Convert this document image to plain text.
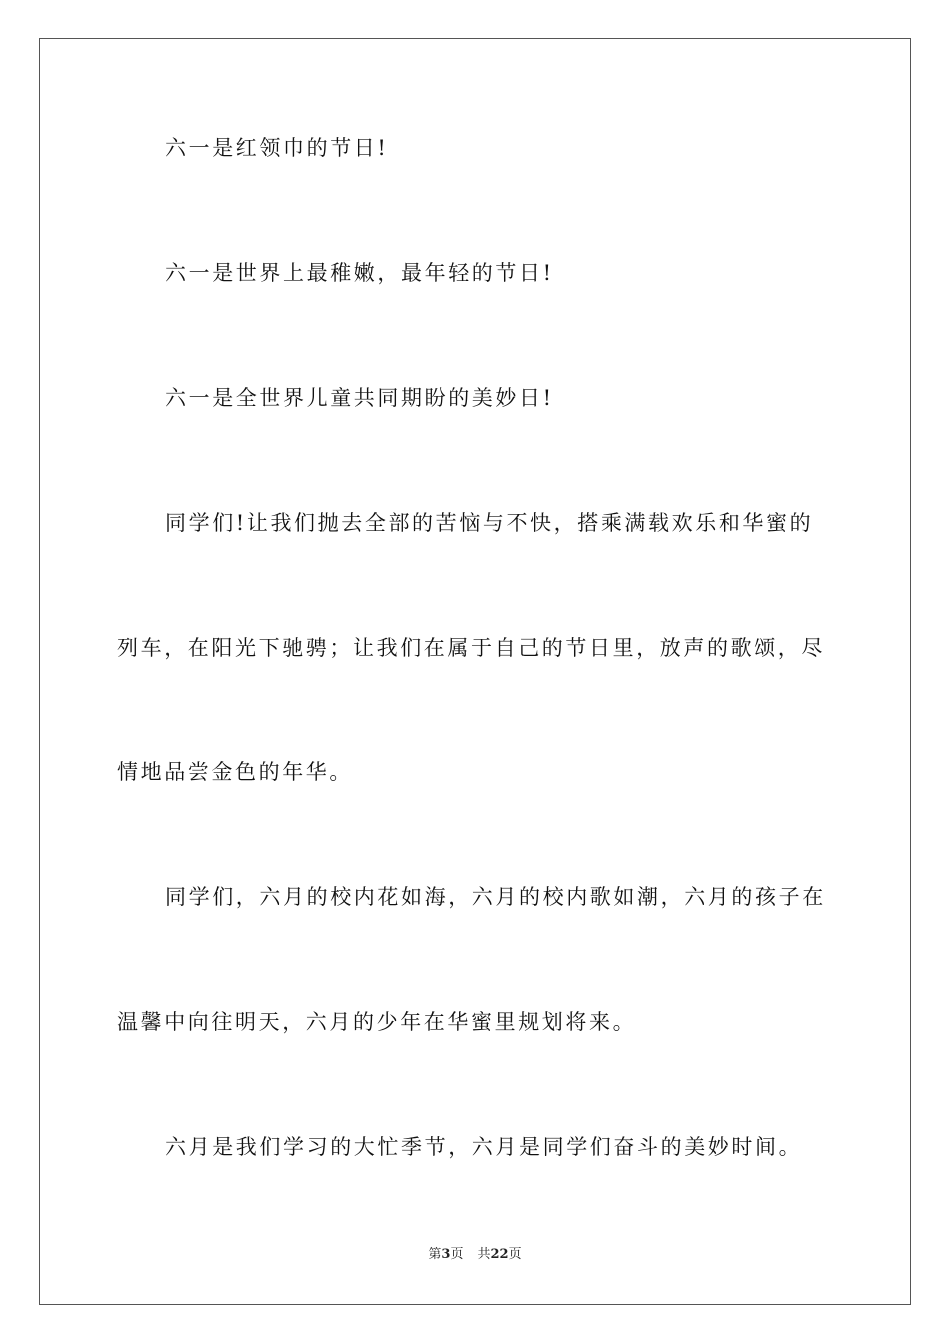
六一是红领巾的节日!
六一是世界上最稚嫩，最年轻的节日!
六一是全世界儿童共同期盼的美妙日!
同学们!让我们抛去全部的苦恼与不快，搭乘满载欢乐和华蜜的
列车，在阳光下驰骋；让我们在属于自己的节日里，放声的歌颂，尽
情地品尝金色的年华。
同学们，六月的校内花如海，六月的校内歌如潮，六月的孩子在
温馨中向往明天，六月的少年在华蜜里规划将来。
六月是我们学习的大忙季节，六月是同学们奋斗的美妙时间。
第3页 共22页
